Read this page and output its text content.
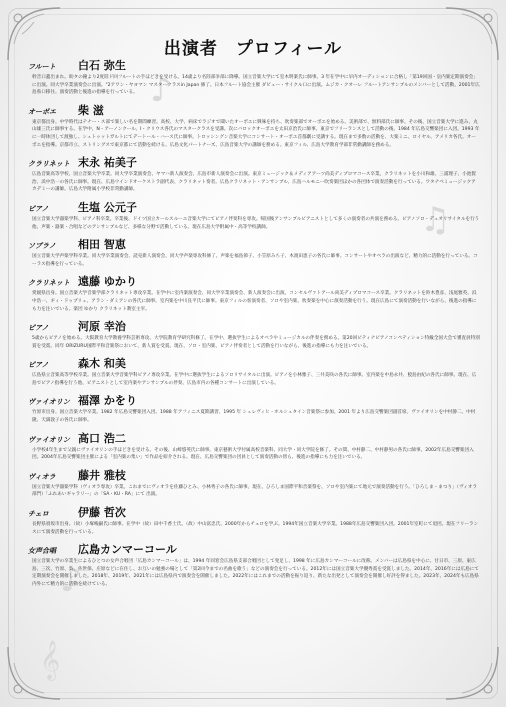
♪
♫
♪
𝄞
出演者　プロフィール
フルート	白石 弥生
幹音口蓋出まれ。助タの鐘より2度陸ド回フルートの手ほどきを受ける。14歳より名陸部争部に降導。国立音楽大学にて室木明楽氏に師事。3 年在学中に早内オーディションに合格し「第19回国・皇内楽定期演奏会」に出演。同大学卒業演奏会に出演。"2アワン・ヤヨマン マスタークラスin Japan 修了。日本フルート協会主催 ダビュー・サイクル口に出演。ムジカ・クオーレ フルートアンサンブルのメンバーとして活動。2001年広島県口移住。演奏活動と後進の指導を行っている。
オーボエ	柴 滋
東京都出身。中学時代はテナー・ス部で楽しい名を期間練習。高校、大学、病床でラジオで聞いたオーボエに興味を持ち、吹奏楽部でオーボエを始める。美術部で、無料部氏に師事。その後、国立音楽大学に進み、丸山雄三氏に師事する。在学中、N・アーノンクール、I・クリウス各氏のマスタークラスを受講。次にバロックオーボエを太田京治氏に師事。東京でフリーランスとして活動の後、1984 年広島交響楽団に入団。1993 年に一時休団して渡独し、シュトゥットガルトにてデートール・ハース氏に師事。トロッシングン音楽大学にコンサート・オーボエ首都劇に受講する。現在まで多数の活動を、大楽ミニ、ロイヤル、アメリカ各氏。オーボエを指導。京都市立、ストリングスで東京都にて活動を続ける。広島文化パートナーズ、広島音楽大学の講師を務める。東京フィル、広島大学教育学部非常勤講師を務める。
クラリネット 末永 祐美子
広島音楽高等学校、国立音楽大学卒業。同大学卒業演奏会、ヤマハ新人演奏会、広島市新人演奏会に出演。東京ミュージック＆メディアアーツ尚美ディプロマコース卒業。クラリネットを小川和雄、三浦理子、小池賢治、浜中浩一の各氏に師事。現在、広島ウインドオーケストラ副代表、クラリネット奏者。広島クラリネット・アンサンブル、広島ハルモニー吹奏楽団ほかの各団体で演奏活動を行っている。ワタナベミュージックアカデミーの講師。広島大学附属小学校非常勤講師。
ピアノ	生塩 公元子
国立音楽大学器楽学科、ピアノ科卒業。卒業後、ドイツ国立カールスルーエ音楽大学にてピアノ伴奏科を専攻。帰国後アンサンブルピアニストとして多くの演奏者の共演を務める。ピアノソロ・デュオリサイタルを行う他、声楽・器楽・合唱などのアンサンブルなど、多様な分野で活動している。現在広島大学附属中・高等学校講師。
ソプラノ	相田 智恵
国立音楽大学声楽学科卒業。同大学卒業演奏会、読売新人演奏会、同大学声楽専攻科修了。声楽を福島節子、小笠原みち子、木渡田恵子の各氏に師事。コンサートやオペラの出演など、精力的に活動を行っている。コーラス指導を行っている。
クラリネット 遠藤 ゆかり
愛媛県出身。国立音楽大学音楽学部クラリネット専攻卒業。在学中に室内楽演奏会、同大学卒業演奏会、新人演奏会に出演。コンセルヴァトアール尚美ディプロマコース卒業。クラリネットを鈴木豊彦、浅尾雅英、浜中浩一、ギィ・ドゥプリュ、アラン・ダミアンの各氏に師事。室内楽を中川良平氏に師事。東京フィルの客演奏者、ソロや室内楽、吹奏楽を中心に演奏活動を行う。現在広島にて演奏活動を行いながら、後進の指導にも力を注いでいる。楽団 ゆかり クラリネット教室主宰。
ピアノ	河原 幸治
5歳からピアノを始める。大阪教育大学教養学科芸術専攻、大学院教育学研究科修了。在学中、選抜学生によるオペラやミュージカルの伴奏を務める。第20回ピティナピアノコンペティション特級全国大会で審査員特別賞を受賞。同年 ORIZURU国際平和音楽祭において、新人賞を受賞。現在、ソロ・室内楽、ピアノ伴奏者として活動を行いながら、後進の指導にも力を注いでいる。
ピアノ	森木 和美
広島県立音楽高等学校卒業。国立音楽大学音楽学科ピアノ専攻卒業。在学中に選抜学生によるソロリサイタルに出演。ピアノを小林雅子、三井美咲の各氏に師事。室内楽を中島永井、鮫島由紀の各氏に師事。現在、広島でピアノ指導を行う他、ピアニストとして室内楽やアンサンブルの伴奏、広島市内の各種コンサートに出演している。
ヴァイオリン 福澤 かをり
竹原市出身。国立音楽大学卒業。1982 年広島交響楽団入団。1988 年アフィニス夏期講習、1995 年 シュレヴィヒ・ホルシュタイン音楽祭に参加。2001 年より広島交響楽団副首席。ヴァイオリンを中村静二、中村隆、天満敦子の各氏に師事。
ヴァイオリン 高口 浩二
小学校4年生まで父親にヴァイオリンの手ほどきを受ける。その後、山崎悠英氏に師事。東京藝術大学付属高校音楽科、同大学・同大学院を修了。その間、中村静二、中村静男の各氏に師事。2002年広島交響楽団入団。2004年広島交響楽団主催による「室内楽の集い」で作品を紹介される。現在、広島交響楽団の団員として演奏活動の傍ら、後進の指導にも力を注いでいる。
ヴィオラ	藤井 雅枝
国立音楽大学器楽学科（ヴィオラ専攻）卒業。これまでにヴィオラを佐藤ひとみ、小林秀子の各氏に師事。現在、ひろしま国際平和音楽祭を、ソロや室内楽にて地元で演奏活動を行う。「ひろしま・まつり」（ヴィオラ部門）「ふれあいギャラリー」の「SA・KU・RA」にて 出演。
チェロ	伊藤 哲次
長野県須坂市出身。（故）小塚峻嗣氏に師事。在学中（故）田中千香士氏、（故）中山富忠氏、2000年からチェロを学ぶ。1994年国立音楽大学卒業。1988年広島交響楽団入団。2001年室町にて退団。現在フリーランスにて演奏活動を行っている。
女声合唱	広島カンマーコール
国立音楽大学の卒業生によるひとつの女声合唱団「広島カンマーコール」は、1994 年同窓会広島県支部合唱団として発足し、1998 年に広島カンマーコールに改称。メンバーは広島県を中心に、甘日市、三原、東広島、三次、竹原、呉、佐世保、庄原などに在住し、お互いの勉強の場として「第2回今までの名曲を歌う」などの演奏会を行っている。2012年には国立音楽大学優秀賞を受賞しました。2014年、2016年には広島にて定期演奏会を開催しました。2018年、2019年、2021年には広島県内で演奏会を開催しました。2022年にはこれまでの活動を振り返り、新たな出発として演奏会を開催し好評を得ました。2023年、2024年も広島県内外にて精力的に活動を続けている。
